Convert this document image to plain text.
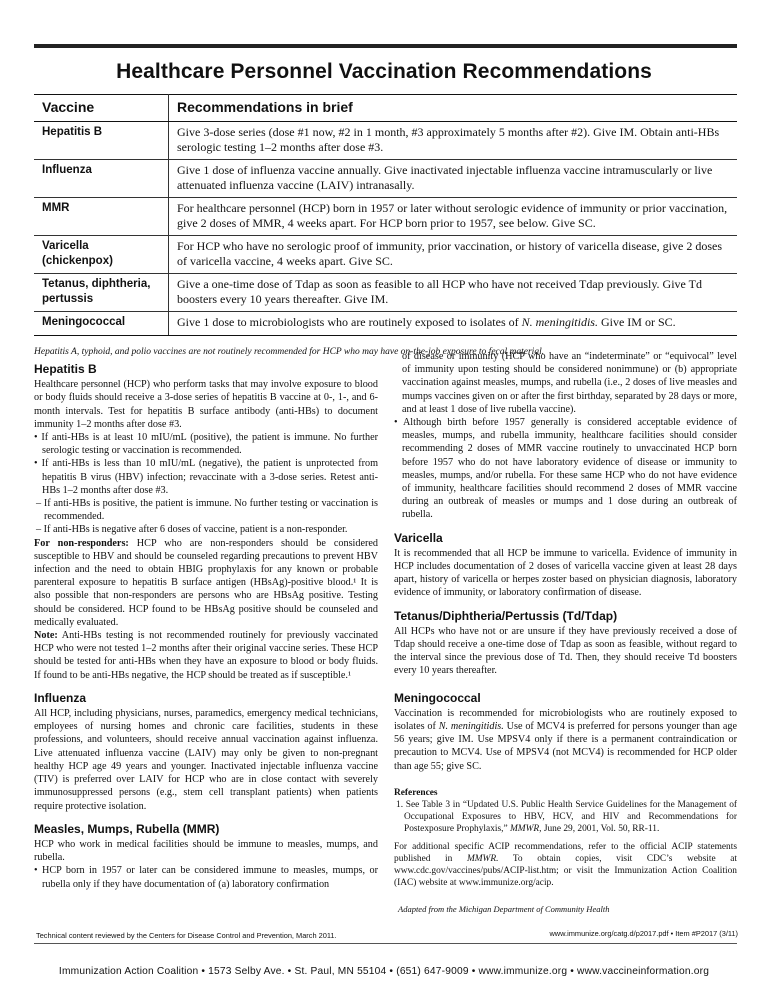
Healthcare Personnel Vaccination Recommendations
Vaccine	Recommendations in brief
Hepatitis B	Give 3-dose series (dose #1 now, #2 in 1 month, #3 approximately 5 months after #2). Give IM. Obtain anti-HBs serologic testing 1–2 months after dose #3.
Influenza	Give 1 dose of influenza vaccine annually. Give inactivated injectable influenza vaccine intramuscularly or live attenuated influenza vaccine (LAIV) intranasally.
MMR	For healthcare personnel (HCP) born in 1957 or later without serologic evidence of immunity or prior vaccination, give 2 doses of MMR, 4 weeks apart. For HCP born prior to 1957, see below. Give SC.
Varicella (chickenpox)	For HCP who have no serologic proof of immunity, prior vaccination, or history of varicella disease, give 2 doses of varicella vaccine, 4 weeks apart. Give SC.
Tetanus, diphtheria, pertussis	Give a one-time dose of Tdap as soon as feasible to all HCP who have not received Tdap previously. Give Td boosters every 10 years thereafter. Give IM.
Meningococcal	Give 1 dose to microbiologists who are routinely exposed to isolates of N. meningitidis. Give IM or SC.
Hepatitis A, typhoid, and polio vaccines are not routinely recommended for HCP who may have on-the-job exposure to fecal material.
Hepatitis B

Healthcare personnel (HCP) who perform tasks that may involve exposure to blood or body fluids should receive a 3-dose series of hepatitis B vaccine at 0-, 1-, and 6-month intervals. Test for hepatitis B surface antibody (anti-HBs) to document immunity 1–2 months after dose #3.

• If anti-HBs is at least 10 mIU/mL (positive), the patient is immune. No further serologic testing or vaccination is recommended.

• If anti-HBs is less than 10 mIU/mL (negative), the patient is unprotected from hepatitis B virus (HBV) infection; revaccinate with a 3-dose series. Retest anti-HBs 1–2 months after dose #3.

– If anti-HBs is positive, the patient is immune. No further testing or vaccination is recommended.

– If anti-HBs is negative after 6 doses of vaccine, patient is a non-responder.

For non-responders: HCP who are non-responders should be considered susceptible to HBV and should be counseled regarding precautions to prevent HBV infection and the need to obtain HBIG prophylaxis for any known or probable parenteral exposure to hepatitis B surface antigen (HBsAg)-positive blood.¹ It is also possible that non-responders are persons who are HBsAg positive. Testing should be considered. HCP found to be HBsAg positive should be counseled and medically evaluated.

Note: Anti-HBs testing is not recommended routinely for previously vaccinated HCP who were not tested 1–2 months after their original vaccine series. These HCP should be tested for anti-HBs when they have an exposure to blood or body fluids. If found to be anti-HBs negative, the HCP should be treated as if susceptible.¹

Influenza

All HCP, including physicians, nurses, paramedics, emergency medical technicians, employees of nursing homes and chronic care facilities, students in these professions, and volunteers, should receive annual vaccination against influenza. Live attenuated influenza vaccine (LAIV) may only be given to non-pregnant healthy HCP age 49 years and younger. Inactivated injectable influenza vaccine (TIV) is preferred over LAIV for HCP who are in close contact with severely immunosuppressed persons (e.g., stem cell transplant patients) when patients require protective isolation.

Measles, Mumps, Rubella (MMR)

HCP who work in medical facilities should be immune to measles, mumps, and rubella.

• HCP born in 1957 or later can be considered immune to measles, mumps, or rubella only if they have documentation of (a) laboratory confirmation

of disease or immunity (HCP who have an “indeterminate” or “equivocal” level of immunity upon testing should be considered nonimmune) or (b) appropriate vaccination against measles, mumps, and rubella (i.e., 2 doses of live measles and mumps vaccines given on or after the first birthday, separated by 28 days or more, and at least 1 dose of live rubella vaccine).

• Although birth before 1957 generally is considered acceptable evidence of measles, mumps, and rubella immunity, healthcare facilities should consider recommending 2 doses of MMR vaccine routinely to unvaccinated HCP born before 1957 who do not have laboratory evidence of disease or immunity to measles, mumps, and/or rubella. For these same HCP who do not have evidence of immunity, healthcare facilities should recommend 2 doses of MMR vaccine during an outbreak of measles or mumps and 1 dose during an outbreak of rubella.

Varicella

It is recommended that all HCP be immune to varicella. Evidence of immunity in HCP includes documentation of 2 doses of varicella vaccine given at least 28 days apart, history of varicella or herpes zoster based on physician diagnosis, laboratory evidence of immunity, or laboratory confirmation of disease.

Tetanus/Diphtheria/Pertussis (Td/Tdap)

All HCPs who have not or are unsure if they have previously received a dose of Tdap should receive a one-time dose of Tdap as soon as feasible, without regard to the interval since the previous dose of Td. Then, they should receive Td boosters every 10 years thereafter.

Meningococcal

Vaccination is recommended for microbiologists who are routinely exposed to isolates of N. meningitidis. Use of MCV4 is preferred for persons younger than age 56 years; give IM. Use MPSV4 only if there is a permanent contraindication or precaution to MCV4. Use of MPSV4 (not MCV4) is recommended for HCP older than age 55; give SC.

References

1. See Table 3 in “Updated U.S. Public Health Service Guidelines for the Management of Occupational Exposures to HBV, HCV, and HIV and Recommendations for Postexposure Prophylaxis,” MMWR, June 29, 2001, Vol. 50, RR-11.

For additional specific ACIP recommendations, refer to the official ACIP statements published in MMWR. To obtain copies, visit CDC’s website at www.cdc.gov/vaccines/pubs/ACIP-list.htm; or visit the Immunization Action Coalition (IAC) website at www.immunize.org/acip.

Adapted from the Michigan Department of Community Health
Technical content reviewed by the Centers for Disease Control and Prevention, March 2011.	www.immunize.org/catg.d/p2017.pdf • Item #P2017 (3/11)
Immunization Action Coalition • 1573 Selby Ave. • St. Paul, MN 55104 • (651) 647-9009 • www.immunize.org • www.vaccineinformation.org
